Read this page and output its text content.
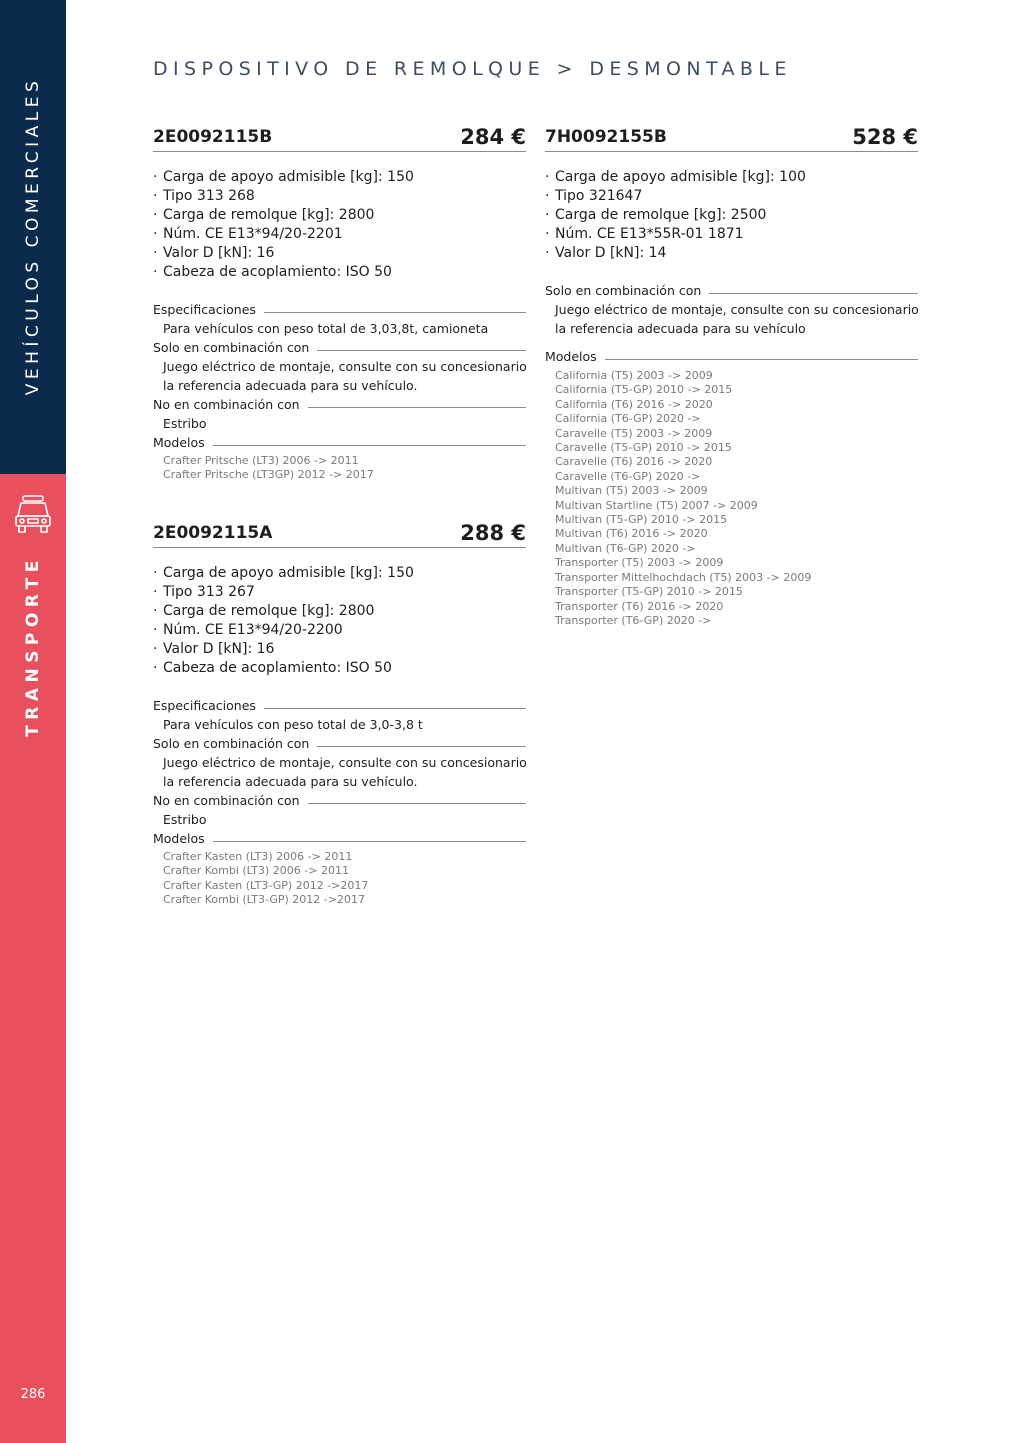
VEHÍCULOS COMERCIALES
TRANSPORTE
286
DISPOSITIVO DE REMOLQUE > DESMONTABLE
2E0092115B	284 €
· Carga de apoyo admisible [kg]: 150
· Tipo 313 268
· Carga de remolque [kg]: 2800
· Núm. CE E13*94/20-2201
· Valor D [kN]: 16
· Cabeza de acoplamiento: ISO 50
Especificaciones
Para vehículos con peso total de 3,03,8t, camioneta
Solo en combinación con
Juego eléctrico de montaje, consulte con su concesionario
la referencia adecuada para su vehículo.
No en combinación con
Estribo
Modelos
Crafter Pritsche (LT3) 2006 -> 2011
Crafter Pritsche (LT3GP) 2012 -> 2017
2E0092115A	288 €
· Carga de apoyo admisible [kg]: 150
· Tipo 313 267
· Carga de remolque [kg]: 2800
· Núm. CE E13*94/20-2200
· Valor D [kN]: 16
· Cabeza de acoplamiento: ISO 50
Especificaciones
Para vehículos con peso total de 3,0-3,8 t
Solo en combinación con
Juego eléctrico de montaje, consulte con su concesionario
la referencia adecuada para su vehículo.
No en combinación con
Estribo
Modelos
Crafter Kasten (LT3) 2006 -> 2011
Crafter Kombi (LT3) 2006 -> 2011
Crafter Kasten (LT3-GP) 2012 ->2017
Crafter Kombi (LT3-GP) 2012 ->2017
7H0092155B	528 €
· Carga de apoyo admisible [kg]: 100
· Tipo 321647
· Carga de remolque [kg]: 2500
· Núm. CE E13*55R-01 1871
· Valor D [kN]: 14
Solo en combinación con
Juego eléctrico de montaje, consulte con su concesionario
la referencia adecuada para su vehículo
Modelos
California (T5) 2003 -> 2009
California (T5-GP) 2010 -> 2015
California (T6) 2016 -> 2020
California (T6-GP) 2020 ->
Caravelle (T5) 2003 -> 2009
Caravelle (T5-GP) 2010 -> 2015
Caravelle (T6) 2016 -> 2020
Caravelle (T6-GP) 2020 ->
Multivan (T5) 2003 -> 2009
Multivan Startline (T5) 2007 -> 2009
Multivan (T5-GP) 2010 -> 2015
Multivan (T6) 2016 -> 2020
Multivan (T6-GP) 2020 ->
Transporter (T5) 2003 -> 2009
Transporter Mittelhochdach (T5) 2003 -> 2009
Transporter (T5-GP) 2010 -> 2015
Transporter (T6) 2016 -> 2020
Transporter (T6-GP) 2020 ->
